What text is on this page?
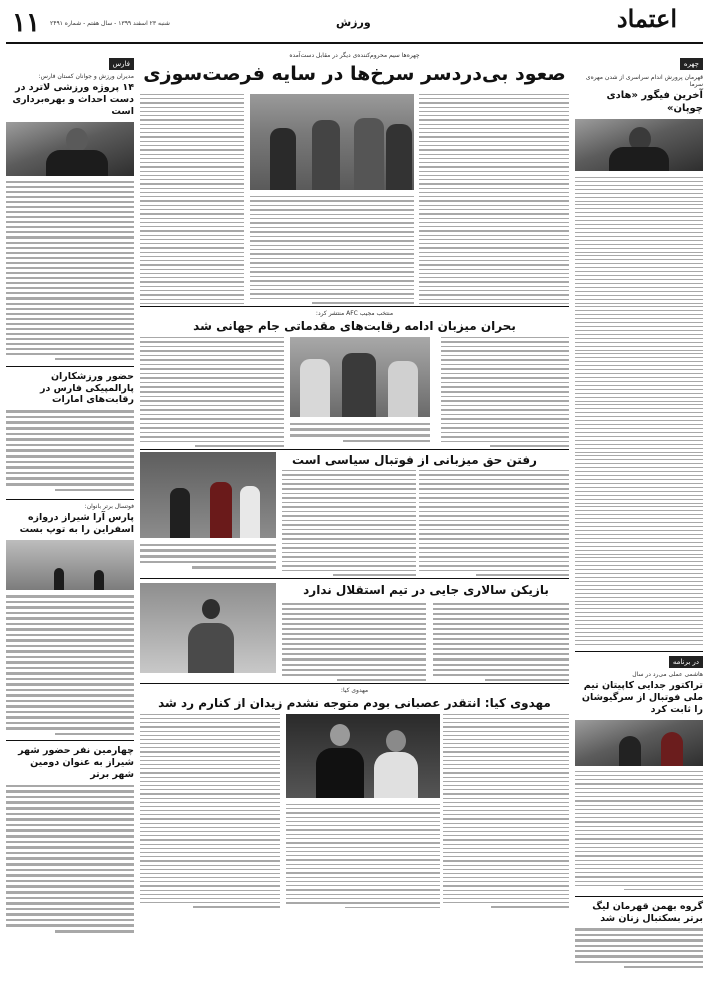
۱۱ شنبه ۲۳ اسفند ۱۳۹۹ - سال هفتم - شماره ۲۴۹۱	ورزش	اعتماد
چهره
قهرمان پرورش اندام سراسری از شدن مهره‌ی سرما
آخرین فیگور «هادی چوپان»
در برنامه
هاشمی عملی می‌رد در سال
تراکتور جدایی کاپیتان تیم ملی فوتبال از سرگیوشان را ثابت کرد
گروه بهمن قهرمان لیگ برتر بسکتبال زنان شد
فارس
مدیران ورزش و جوانان کستان فارس:
۱۴ پروژه ورزشی لاترد در دست احداث و بهره‌برداری است
حضور ورزشکاران پارالمپیکی فارس در رقابت‌های امارات
فوتسال برتر بانوان:
پارس آرا شیراز دروازه اسفراین را به توپ بست
چهارمین نفر حضور شهر شیراز به عنوان دومین شهر برتر
چهره‌ها سیم‌ محروم‌کننده‌ی دیگر در مقابل دست‌آمده
صعود بی‌دردسر سرخ‌ها در سایه فرصت‌سوزی
منتخب‌ مجیب AFC منتشر کرد:
بحران میزبان ادامه رقابت‌های مقدماتی جام جهانی شد
رفتن حق میزبانی از فوتبال سیاسی است
بازیکن سالاری جایی در تیم استقلال ندارد
مهدوی کیا:
مهدوی کیا: انتقدر عصبانی بودم متوجه نشدم زیدان از کنارم رد شد
